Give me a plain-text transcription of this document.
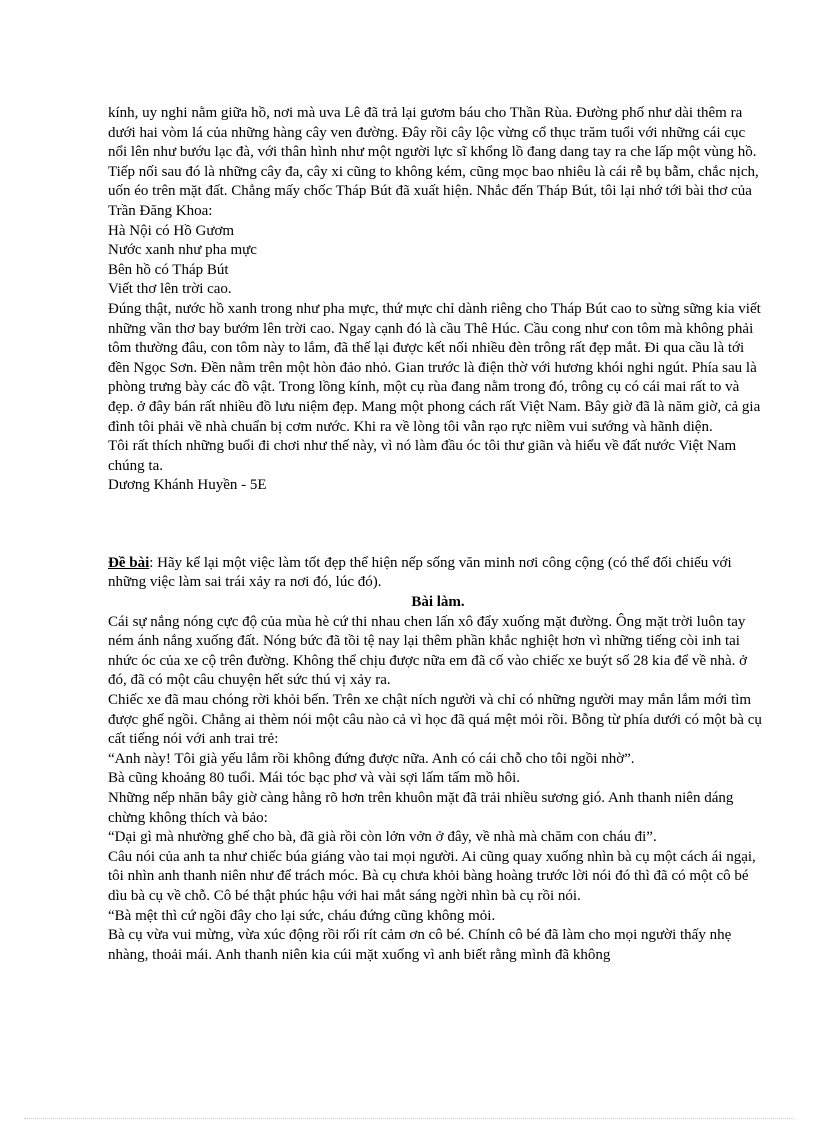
kính, uy nghi nằm giữa hồ, nơi mà uva Lê đã trả lại gươm báu cho Thần Rùa. Đường phố như dài thêm ra dưới hai vòm lá của những hàng cây ven đường. Đây rồi cây lộc vừng cổ thục trăm tuổi với những cái cục nổi lên như bướu lạc đà, với thân hình như một người lực sĩ khổng lồ đang dang tay ra che lấp một vùng hồ. Tiếp nối sau đó là những cây đa, cây xi cũng to không kém, cũng mọc bao nhiêu là cái rễ bụ bẫm, chắc nịch, uốn éo trên mặt đất. Chẳng mấy chốc Tháp Bút đã xuất hiện. Nhắc đến Tháp Bút, tôi lại nhớ tới bài thơ của Trần Đăng Khoa:

Hà Nội có Hồ Gươm

Nước xanh như pha mực

Bên hồ có Tháp Bút

Viết thơ lên trời cao.

Đúng thật, nước hồ xanh trong như pha mực, thứ mực chỉ dành riêng cho Tháp Bút cao to sừng sững kia viết những vần thơ bay bướm lên trời cao. Ngay cạnh đó là cầu Thê Húc. Cầu cong như con tôm mà không phải tôm thường đâu, con tôm này to lắm, đã thế lại được kết nối nhiều đèn trông rất đẹp mắt. Đi qua cầu là tới đền Ngọc Sơn. Đền nằm trên một hòn đảo nhỏ. Gian trước là điện thờ với hương khói nghi ngút. Phía sau là phòng trưng bày các đồ vật. Trong lồng kính, một cụ rùa đang nằm trong đó, trông cụ có cái mai rất to và đẹp. ở đây bán rất nhiều đồ lưu niệm đẹp. Mang một phong cách rất Việt Nam. Bây giờ đã là năm giờ, cả gia đình tôi phải về nhà chuẩn bị cơm nước. Khi ra về lòng tôi vẫn rạo rực niềm vui sướng và hãnh diện.

Tôi rất thích những buổi đi chơi như thế này, vì nó làm đầu óc tôi thư giãn và hiểu về đất nước Việt Nam chúng ta.

Dương Khánh Huyền - 5E

Đề bài: Hãy kể lại một việc làm tốt đẹp thể hiện nếp sống văn minh nơi công cộng (có thể đối chiếu với những việc làm sai trái xảy ra nơi đó, lúc đó).

Bài làm.

Cái sự nắng nóng cực độ của mùa hè cứ thi nhau chen lấn xô đẩy xuống mặt đường. Ông mặt trời luôn tay ném ánh nắng xuống đất. Nóng bức đã tồi tệ nay lại thêm phần khắc nghiệt hơn vì những tiếng còi inh tai nhức óc của xe cộ trên đường. Không thể chịu được nữa em đã cố vào chiếc xe buýt số 28 kia để về nhà. ở đó, đã có một câu chuyện hết sức thú vị xảy ra.

Chiếc xe đã mau chóng rời khỏi bến. Trên xe chật ních người và chỉ có những người may mắn lắm mới tìm được ghế ngồi. Chẳng ai thèm nói một câu nào cả vì học đã quá mệt mỏi rồi. Bỗng từ phía dưới có một bà cụ cất tiếng nói với anh trai trẻ:

“Anh này! Tôi già yếu lắm rồi không đứng được nữa. Anh có cái chỗ cho tôi ngồi nhờ”.

Bà cũng khoảng 80 tuổi. Mái tóc bạc phơ và vài sợi lấm tấm mồ hôi.

Những nếp nhăn bây giờ càng hằng rõ hơn trên khuôn mặt đã trải nhiều sương gió. Anh thanh niên dáng chừng không thích và bảo:

“Dại gì mà nhường ghế cho bà, đã già rồi còn lởn vởn ở đây, về nhà mà chăm con cháu đi”.

Câu nói của anh ta như chiếc búa giáng vào tai mọi người. Ai cũng quay xuống nhìn bà cụ một cách ái ngại, tôi nhìn anh thanh niên như để trách móc. Bà cụ chưa khỏi bàng hoàng trước lời nói đó thì đã có một cô bé dìu bà cụ về chỗ. Cô bé thật phúc hậu với hai mắt sáng ngời nhìn bà cụ rồi nói.

“Bà mệt thì cứ ngồi đây cho lại sức, cháu đứng cũng không mỏi.

Bà cụ vừa vui mừng, vừa xúc động rồi rối rít cảm ơn cô bé. Chính cô bé đã làm cho mọi người thấy nhẹ nhàng, thoải mái. Anh thanh niên kia cúi mặt xuống vì anh biết rằng mình đã không
